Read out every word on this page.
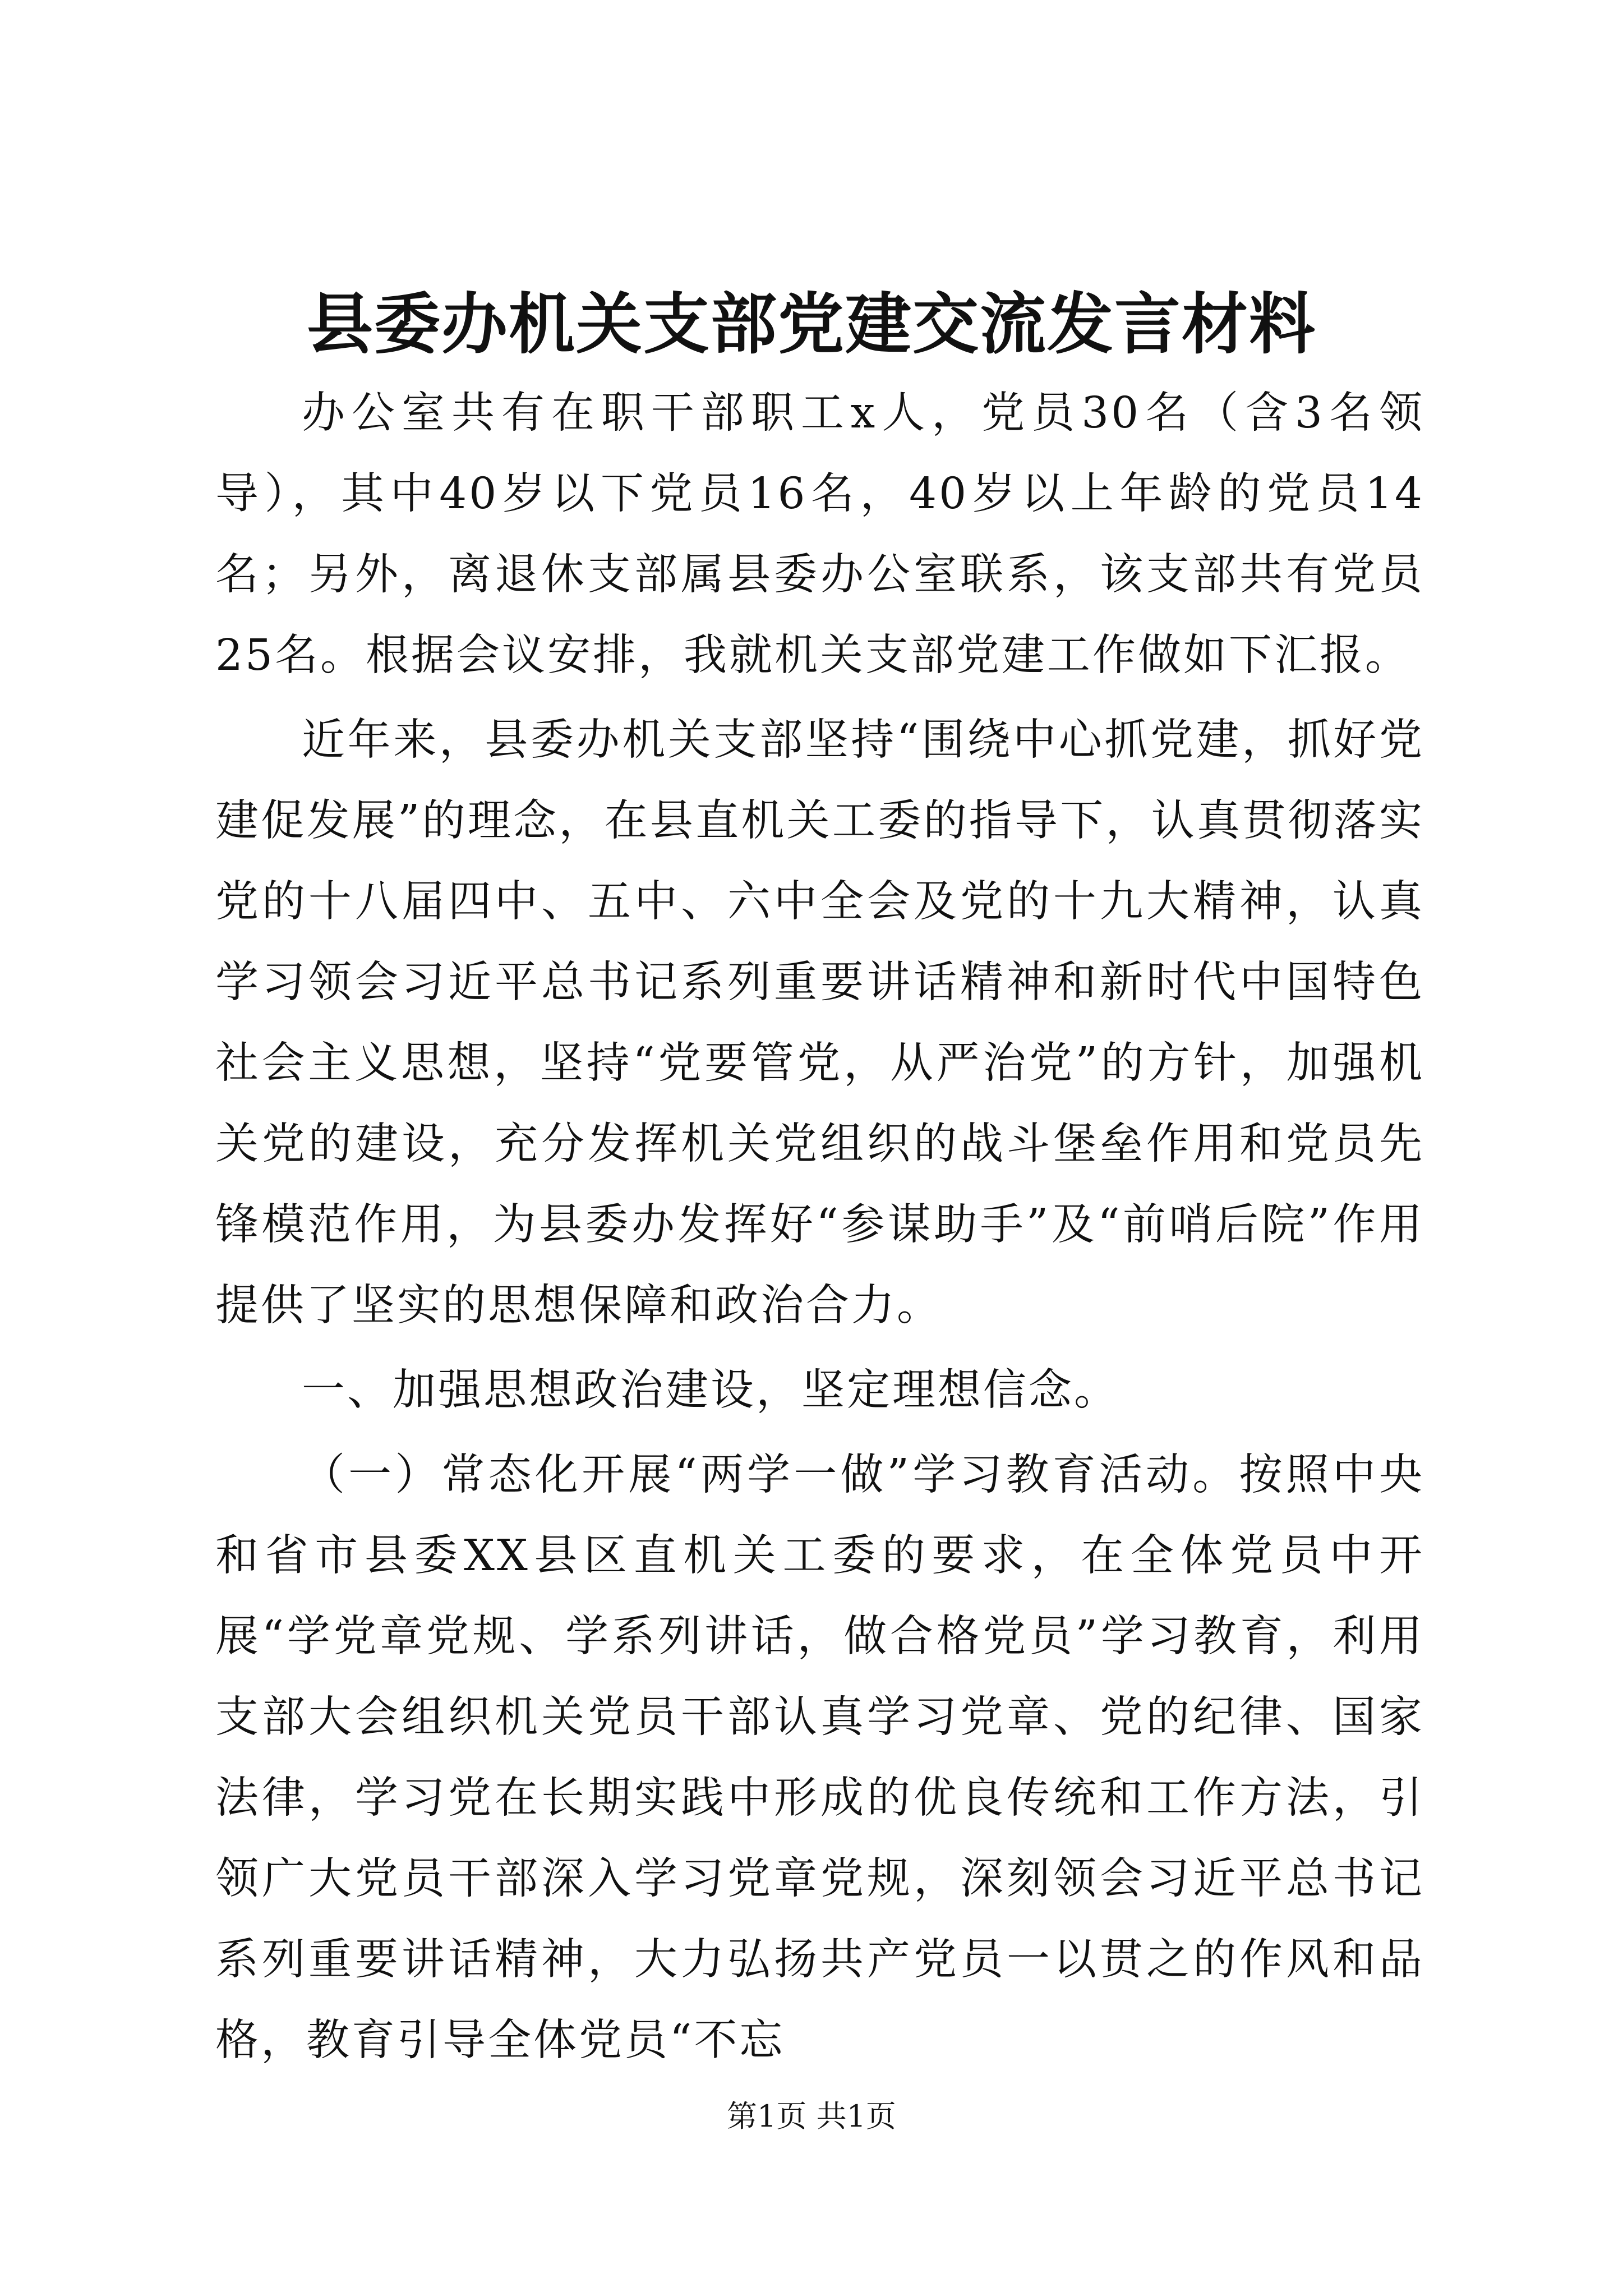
县委办机关支部党建交流发言材料

办公室共有在职干部职工x人，党员30名（含3名领导），其中40岁以下党员16名，40岁以上年龄的党员14名；另外，离退休支部属县委办公室联系，该支部共有党员25名。根据会议安排，我就机关支部党建工作做如下汇报。

近年来，县委办机关支部坚持“围绕中心抓党建，抓好党建促发展”的理念，在县直机关工委的指导下，认真贯彻落实党的十八届四中、五中、六中全会及党的十九大精神，认真学习领会习近平总书记系列重要讲话精神和新时代中国特色社会主义思想，坚持“党要管党，从严治党”的方针，加强机关党的建设，充分发挥机关党组织的战斗堡垒作用和党员先锋模范作用，为县委办发挥好“参谋助手”及“前哨后院”作用提供了坚实的思想保障和政治合力。

一、加强思想政治建设，坚定理想信念。

（一）常态化开展“两学一做”学习教育活动。按照中央和省市县委XX县区直机关工委的要求，在全体党员中开展“学党章党规、学系列讲话，做合格党员”学习教育，利用支部大会组织机关党员干部认真学习党章、党的纪律、国家法律，学习党在长期实践中形成的优良传统和工作方法，引领广大党员干部深入学习党章党规，深刻领会习近平总书记系列重要讲话精神，大力弘扬共产党员一以贯之的作风和品格，教育引导全体党员“不忘

第1页 共1页
